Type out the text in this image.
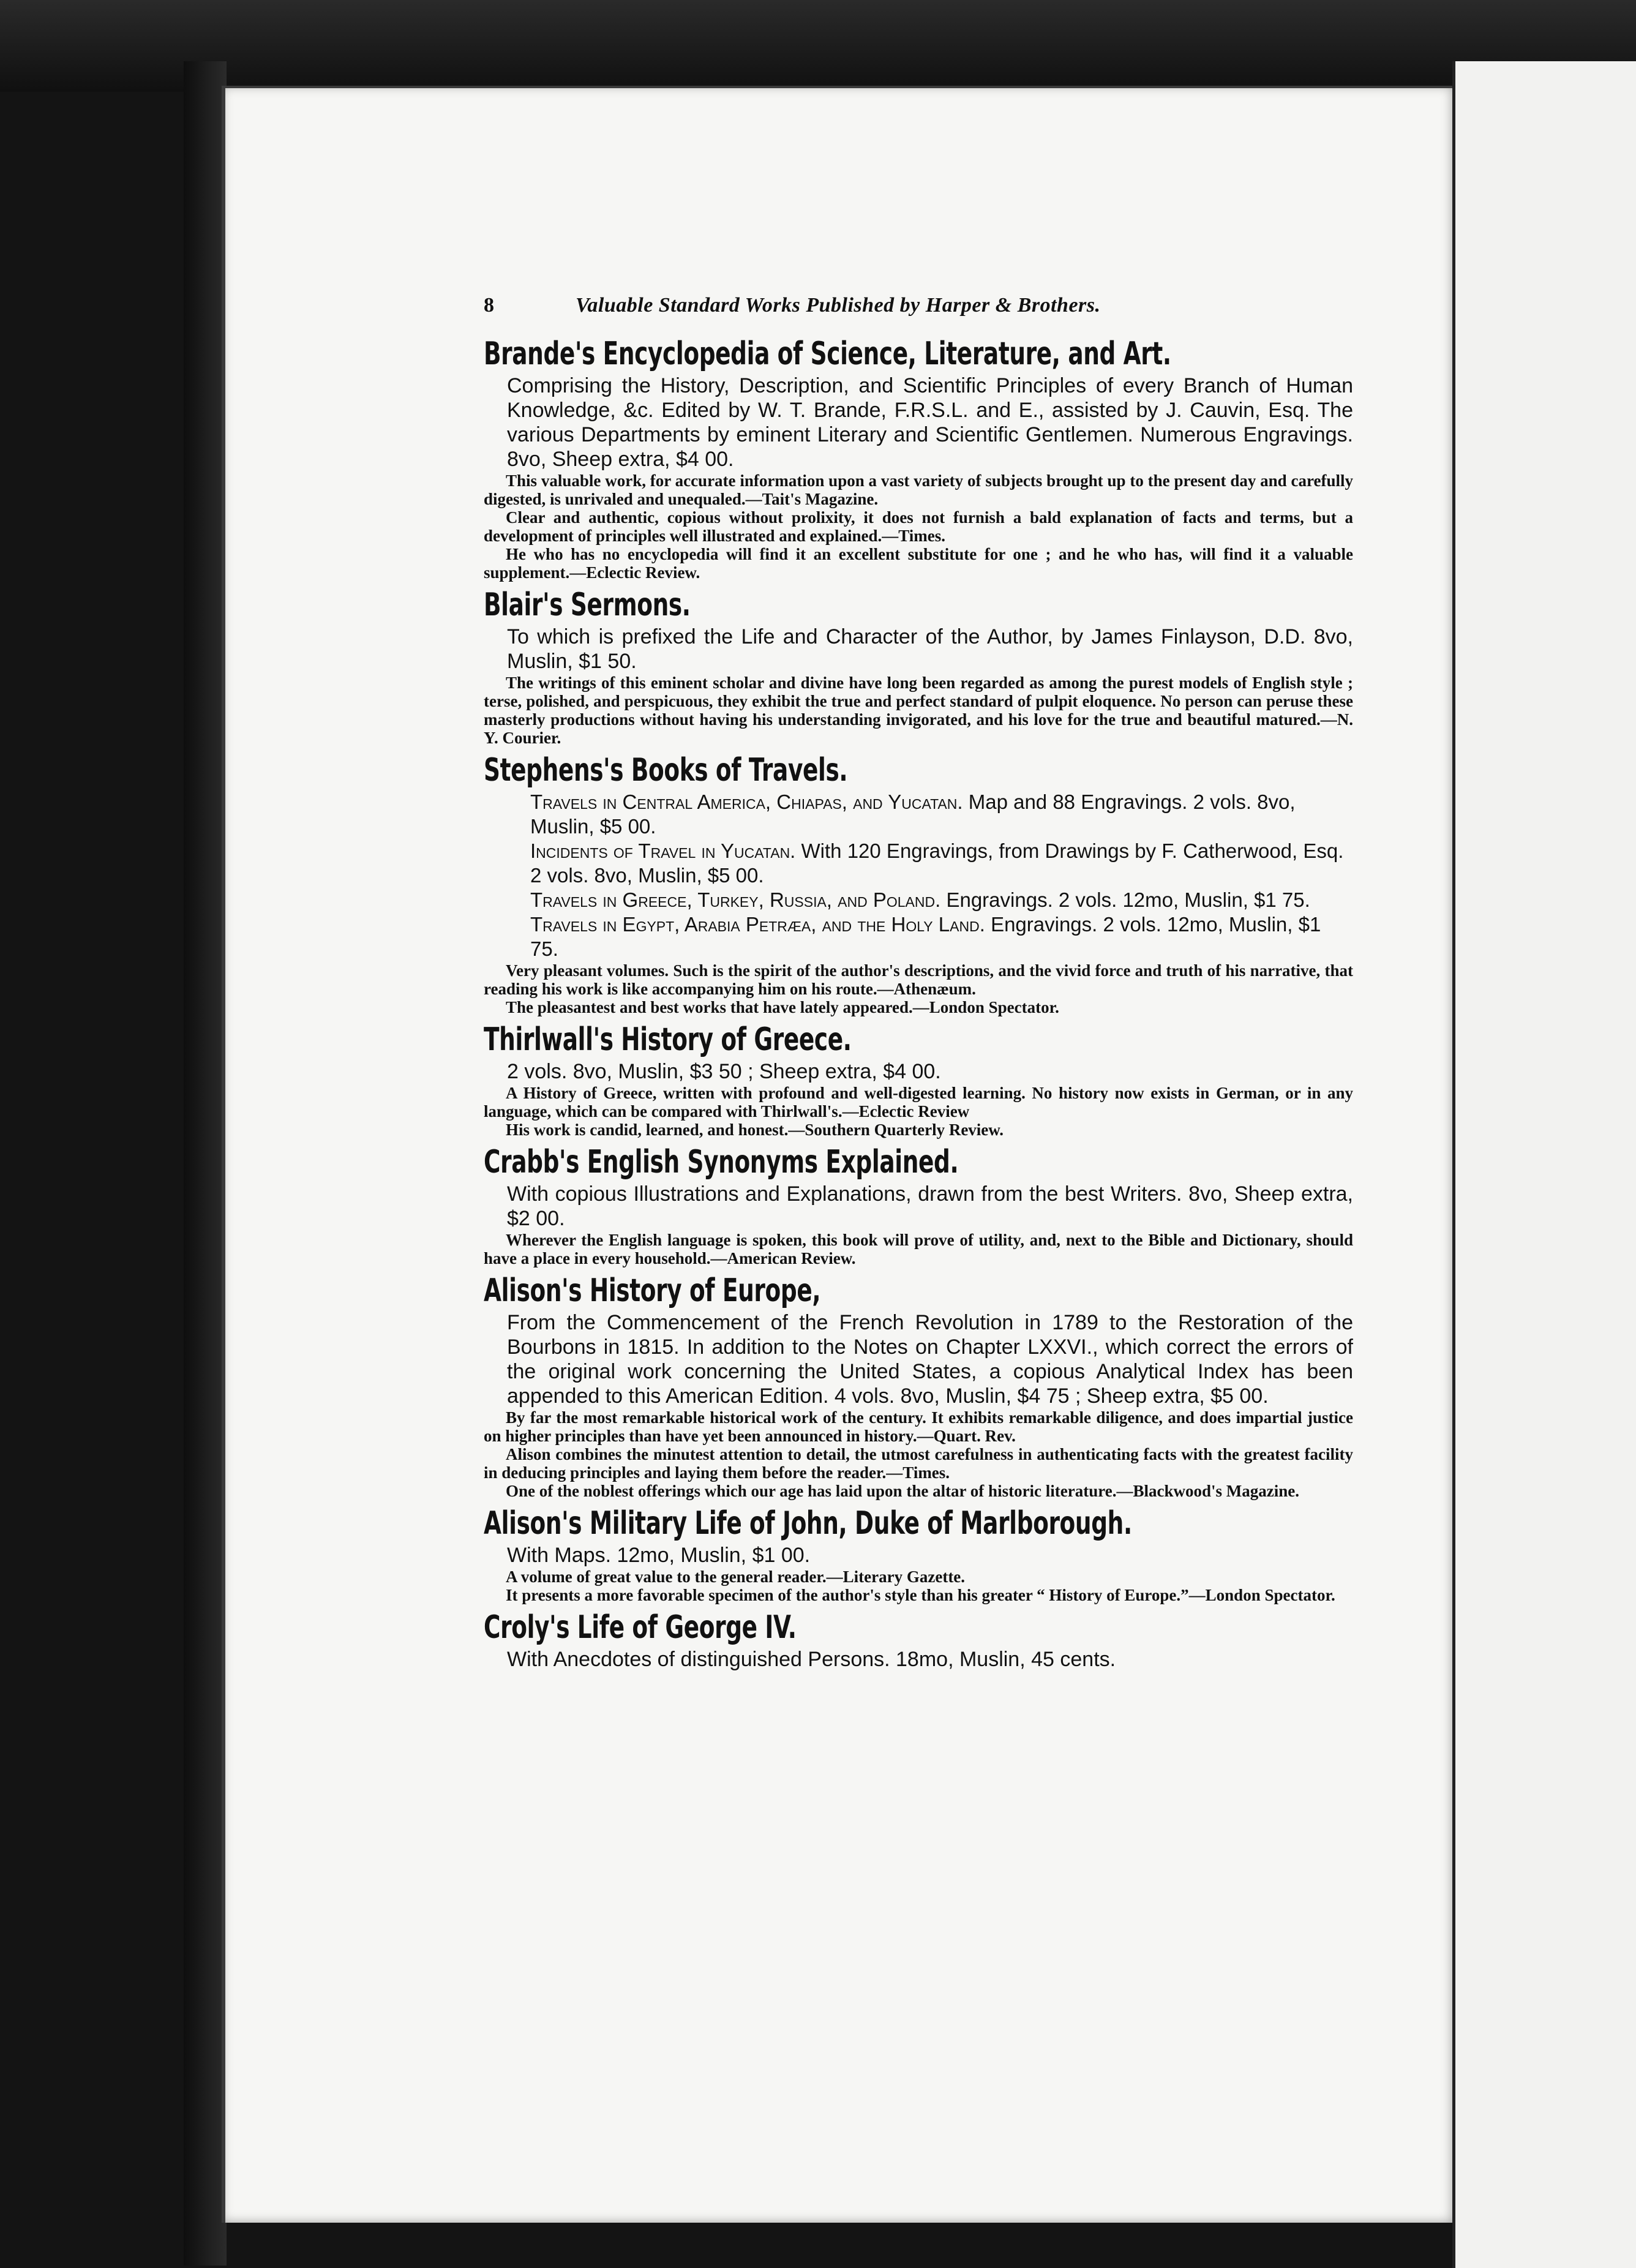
8	Valuable Standard Works Published by Harper & Brothers.
Brande's Encyclopedia of Science, Literature, and Art.
Comprising the History, Description, and Scientific Principles of every Branch of Human Knowledge, &c. Edited by W. T. Brande, F.R.S.L. and E., assisted by J. Cauvin, Esq. The various Departments by eminent Literary and Scientific Gentlemen. Numerous Engravings. 8vo, Sheep extra, $4 00.
This valuable work, for accurate information upon a vast variety of subjects brought up to the present day and carefully digested, is unrivaled and unequaled.—Tait's Magazine.
Clear and authentic, copious without prolixity, it does not furnish a bald explanation of facts and terms, but a development of principles well illustrated and explained.—Times.
He who has no encyclopedia will find it an excellent substitute for one ; and he who has, will find it a valuable supplement.—Eclectic Review.
Blair's Sermons.
To which is prefixed the Life and Character of the Author, by James Finlayson, D.D. 8vo, Muslin, $1 50.
The writings of this eminent scholar and divine have long been regarded as among the purest models of English style ; terse, polished, and perspicuous, they exhibit the true and perfect standard of pulpit eloquence. No person can peruse these masterly productions without having his understanding invigorated, and his love for the true and beautiful matured.—N. Y. Courier.
Stephens's Books of Travels.
Travels in Central America, Chiapas, and Yucatan. Map and 88 Engravings. 2 vols. 8vo, Muslin, $5 00.
Incidents of Travel in Yucatan. With 120 Engravings, from Drawings by F. Catherwood, Esq. 2 vols. 8vo, Muslin, $5 00.
Travels in Greece, Turkey, Russia, and Poland. Engravings. 2 vols. 12mo, Muslin, $1 75.
Travels in Egypt, Arabia Petræa, and the Holy Land. Engravings. 2 vols. 12mo, Muslin, $1 75.
Very pleasant volumes. Such is the spirit of the author's descriptions, and the vivid force and truth of his narrative, that reading his work is like accompanying him on his route.—Athenæum.
The pleasantest and best works that have lately appeared.—London Spectator.
Thirlwall's History of Greece.
2 vols. 8vo, Muslin, $3 50 ; Sheep extra, $4 00.
A History of Greece, written with profound and well-digested learning. No history now exists in German, or in any language, which can be compared with Thirlwall's.—Eclectic Review
His work is candid, learned, and honest.—Southern Quarterly Review.
Crabb's English Synonyms Explained.
With copious Illustrations and Explanations, drawn from the best Writers. 8vo, Sheep extra, $2 00.
Wherever the English language is spoken, this book will prove of utility, and, next to the Bible and Dictionary, should have a place in every household.—American Review.
Alison's History of Europe,
From the Commencement of the French Revolution in 1789 to the Restoration of the Bourbons in 1815. In addition to the Notes on Chapter LXXVI., which correct the errors of the original work concerning the United States, a copious Analytical Index has been appended to this American Edition. 4 vols. 8vo, Muslin, $4 75 ; Sheep extra, $5 00.
By far the most remarkable historical work of the century. It exhibits remarkable diligence, and does impartial justice on higher principles than have yet been announced in history.—Quart. Rev.
Alison combines the minutest attention to detail, the utmost carefulness in authenticating facts with the greatest facility in deducing principles and laying them before the reader.—Times.
One of the noblest offerings which our age has laid upon the altar of historic literature.—Blackwood's Magazine.
Alison's Military Life of John, Duke of Marlborough.
With Maps. 12mo, Muslin, $1 00.
A volume of great value to the general reader.—Literary Gazette.
It presents a more favorable specimen of the author's style than his greater “ History of Europe.”—London Spectator.
Croly's Life of George IV.
With Anecdotes of distinguished Persons. 18mo, Muslin, 45 cents.
